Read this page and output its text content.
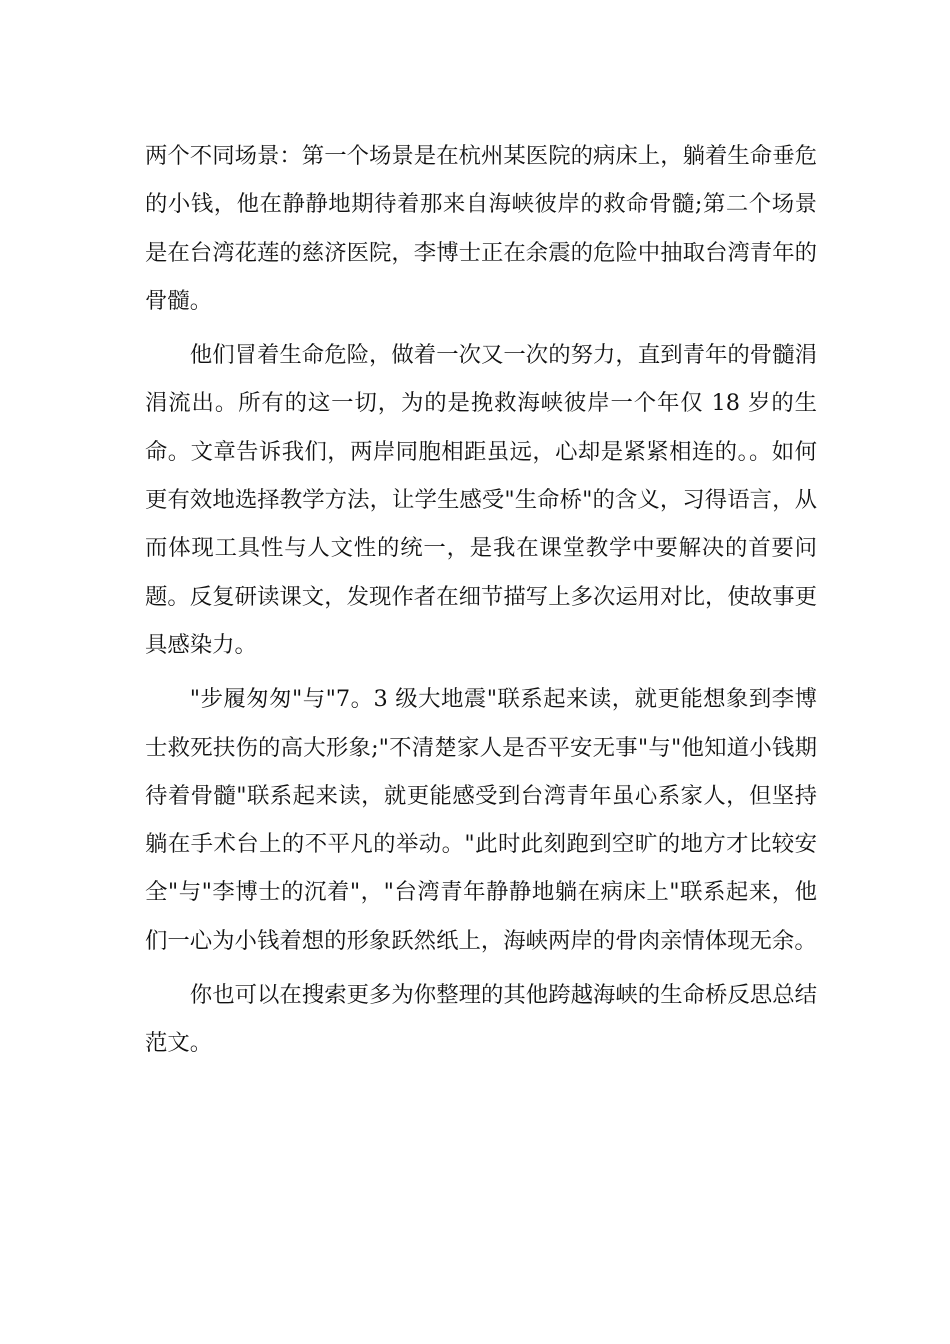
两个不同场景：第一个场景是在杭州某医院的病床上，躺着生命垂危的小钱，他在静静地期待着那来自海峡彼岸的救命骨髓;第二个场景是在台湾花莲的慈济医院，李博士正在余震的危险中抽取台湾青年的骨髓。

他们冒着生命危险，做着一次又一次的努力，直到青年的骨髓涓涓流出。所有的这一切，为的是挽救海峡彼岸一个年仅 18 岁的生命。文章告诉我们，两岸同胞相距虽远，心却是紧紧相连的。。如何更有效地选择教学方法，让学生感受"生命桥"的含义，习得语言，从而体现工具性与人文性的统一，是我在课堂教学中要解决的首要问题。反复研读课文，发现作者在细节描写上多次运用对比，使故事更具感染力。

"步履匆匆"与"7。3 级大地震"联系起来读，就更能想象到李博士救死扶伤的高大形象;"不清楚家人是否平安无事"与"他知道小钱期待着骨髓"联系起来读，就更能感受到台湾青年虽心系家人，但坚持躺在手术台上的不平凡的举动。"此时此刻跑到空旷的地方才比较安全"与"李博士的沉着"，"台湾青年静静地躺在病床上"联系起来，他们一心为小钱着想的形象跃然纸上，海峡两岸的骨肉亲情体现无余。

你也可以在搜索更多为你整理的其他跨越海峡的生命桥反思总结范文。
